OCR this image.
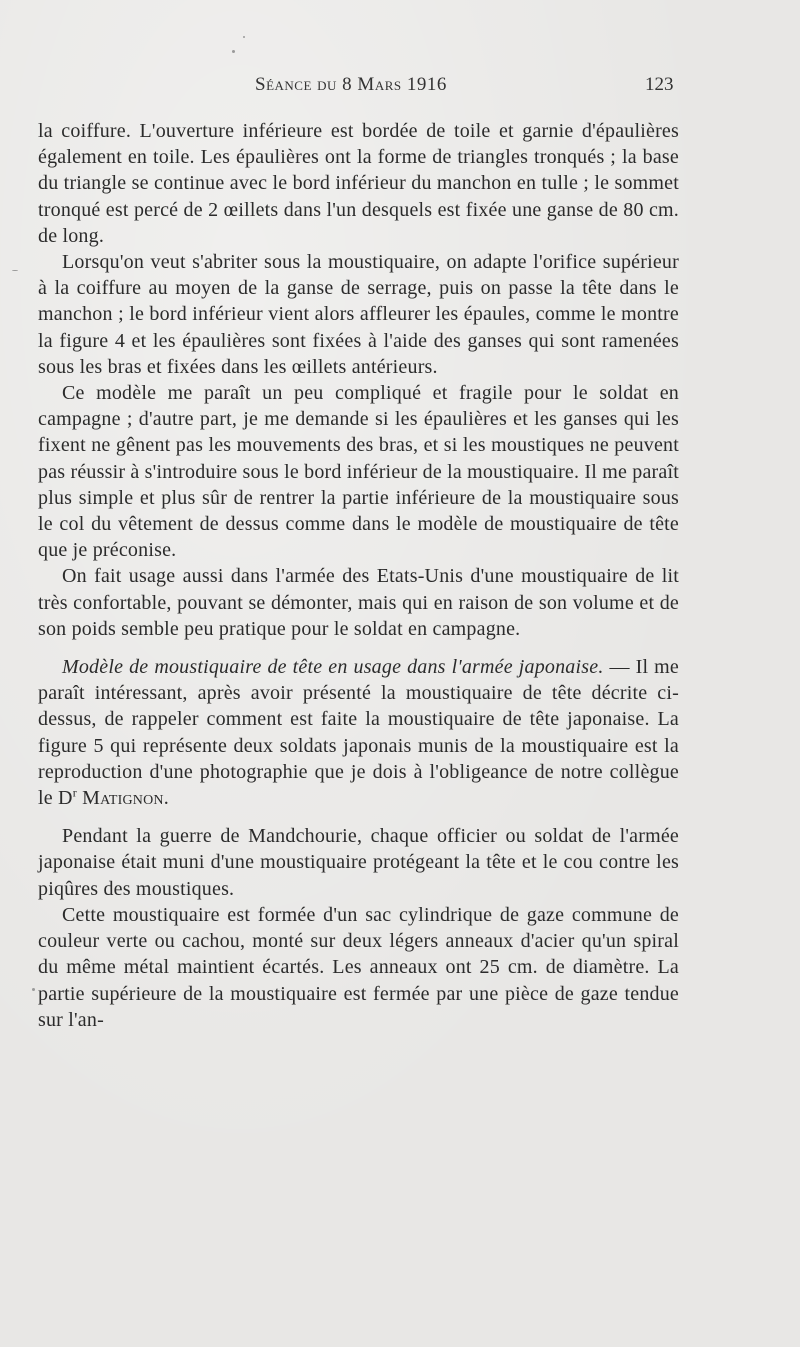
Séance du 8 Mars 1916	123

la coiffure. L'ouverture inférieure est bordée de toile et garnie d'épaulières également en toile. Les épaulières ont la forme de triangles tronqués ; la base du triangle se continue avec le bord inférieur du manchon en tulle ; le sommet tronqué est percé de 2 œillets dans l'un desquels est fixée une ganse de 80 cm. de long.

Lorsqu'on veut s'abriter sous la moustiquaire, on adapte l'orifice supérieur à la coiffure au moyen de la ganse de serrage, puis on passe la tête dans le manchon ; le bord inférieur vient alors affleurer les épaules, comme le montre la figure 4 et les épaulières sont fixées à l'aide des ganses qui sont ramenées sous les bras et fixées dans les œillets antérieurs.

Ce modèle me paraît un peu compliqué et fragile pour le soldat en campagne ; d'autre part, je me demande si les épaulières et les ganses qui les fixent ne gênent pas les mouvements des bras, et si les moustiques ne peuvent pas réussir à s'introduire sous le bord inférieur de la moustiquaire. Il me paraît plus simple et plus sûr de rentrer la partie inférieure de la moustiquaire sous le col du vêtement de dessus comme dans le modèle de moustiquaire de tête que je préconise.

On fait usage aussi dans l'armée des Etats-Unis d'une moustiquaire de lit très confortable, pouvant se démonter, mais qui en raison de son volume et de son poids semble peu pratique pour le soldat en campagne.

Modèle de moustiquaire de tête en usage dans l'armée japonaise. — Il me paraît intéressant, après avoir présenté la moustiquaire de tête décrite ci-dessus, de rappeler comment est faite la moustiquaire de tête japonaise. La figure 5 qui représente deux soldats japonais munis de la moustiquaire est la reproduction d'une photographie que je dois à l'obligeance de notre collègue le $D^r$ Matignon.

Pendant la guerre de Mandchourie, chaque officier ou soldat de l'armée japonaise était muni d'une moustiquaire protégeant la tête et le cou contre les piqûres des moustiques.

Cette moustiquaire est formée d'un sac cylindrique de gaze commune de couleur verte ou cachou, monté sur deux légers anneaux d'acier qu'un spiral du même métal maintient écartés. Les anneaux ont 25 cm. de diamètre. La partie supérieure de la moustiquaire est fermée par une pièce de gaze tendue sur l'an-
